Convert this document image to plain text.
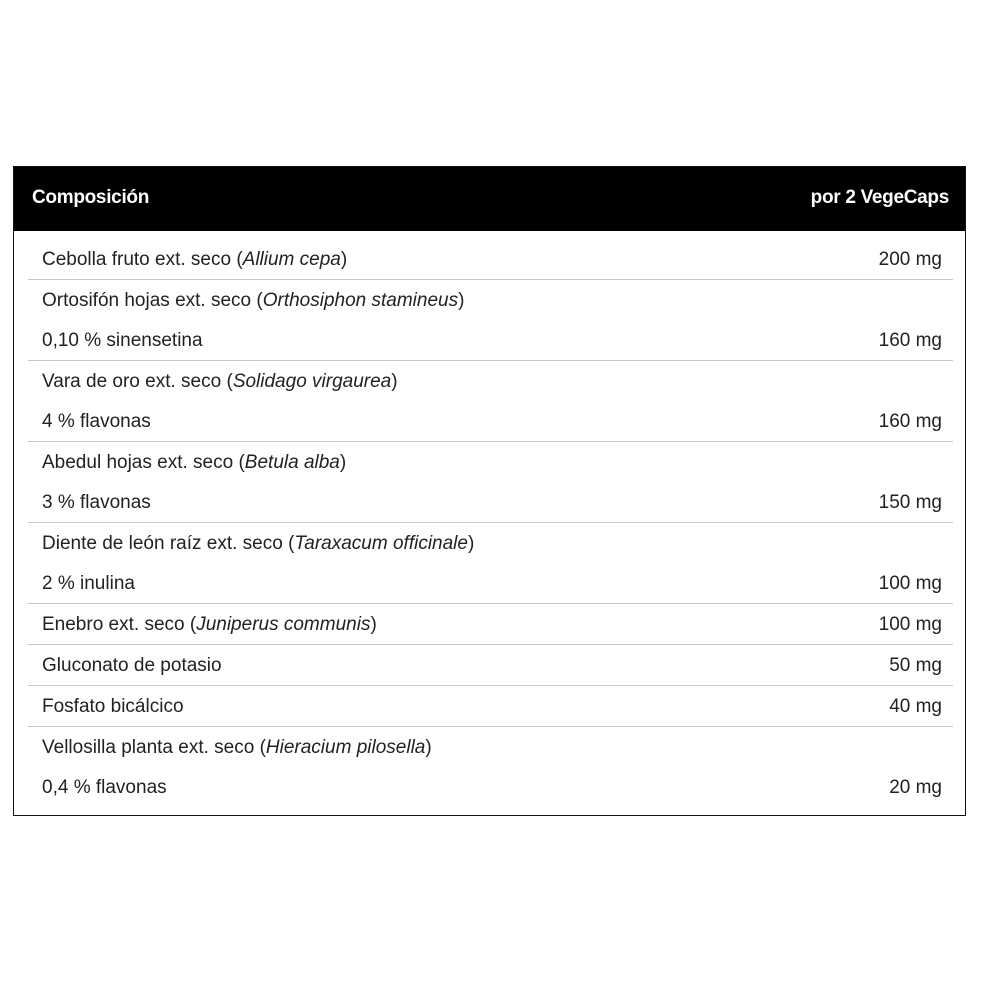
Composición	por 2 VegeCaps
Cebolla fruto ext. seco (Allium cepa)	200 mg
Ortosifón hojas ext. seco (Orthosiphon stamineus)
0,10 % sinensetina	160 mg
Vara de oro ext. seco (Solidago virgaurea)
4 % flavonas	160 mg
Abedul hojas ext. seco (Betula alba)
3 % flavonas	150 mg
Diente de león raíz ext. seco (Taraxacum officinale)
2 % inulina	100 mg
Enebro ext. seco (Juniperus communis)	100 mg
Gluconato de potasio	50 mg
Fosfato bicálcico	40 mg
Vellosilla planta ext. seco (Hieracium pilosella)
0,4 % flavonas	20 mg
